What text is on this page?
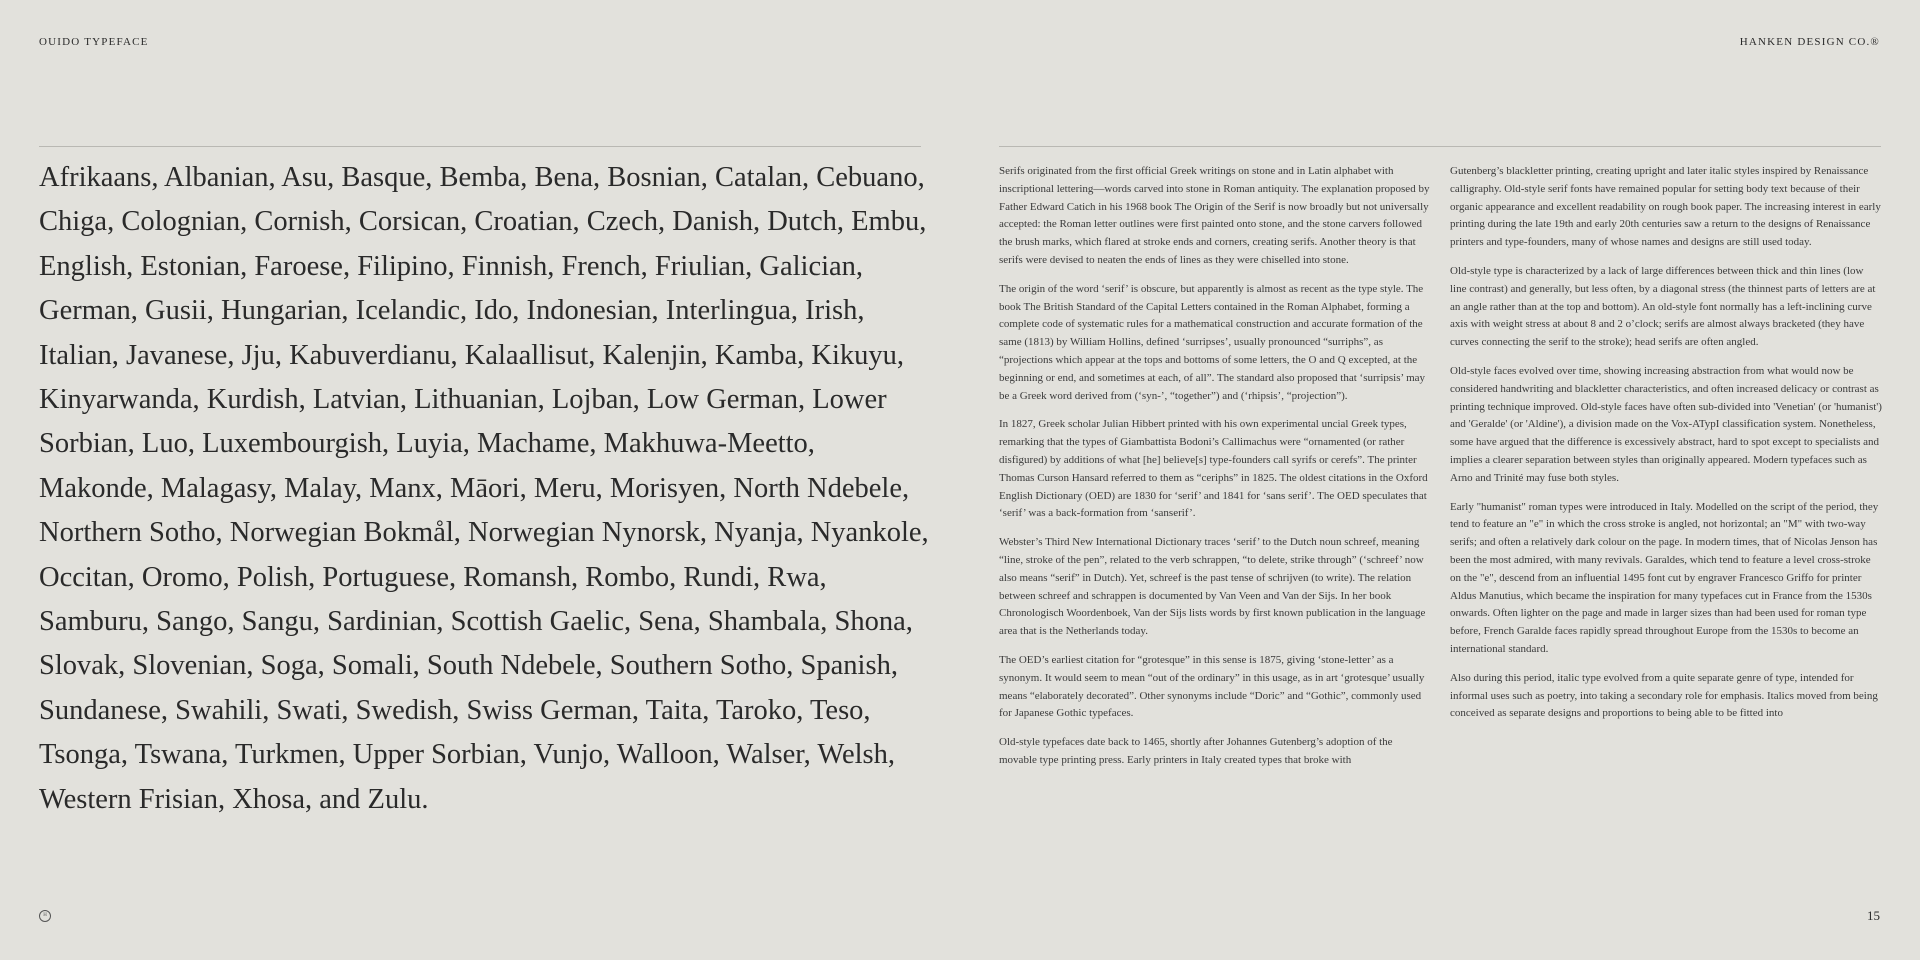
OUIDO TYPEFACE	HANKEN DESIGN CO.®

Afrikaans, Albanian, Asu, Basque, Bemba, Bena, Bosnian, Catalan, Cebuano, Chiga, Colognian, Cornish, Corsican, Croatian, Czech, Danish, Dutch, Embu, English, Estonian, Faroese, Filipino, Finnish, French, Friulian, Galician, German, Gusii, Hungarian, Icelandic, Ido, Indonesian, Interlingua, Irish, Italian, Javanese, Jju, Kabuverdianu, Kalaallisut, Kalenjin, Kamba, Kikuyu, Kinyarwanda, Kurdish, Latvian, Lithuanian, Lojban, Low German, Lower Sorbian, Luo, Luxembourgish, Luyia, Machame, Makhuwa-Meetto, Makonde, Malagasy, Malay, Manx, Māori, Meru, Morisyen, North Ndebele, Northern Sotho, Norwegian Bokmål, Norwegian Nynorsk, Nyanja, Nyankole, Occitan, Oromo, Polish, Portuguese, Romansh, Rombo, Rundi, Rwa, Samburu, Sango, Sangu, Sardinian, Scottish Gaelic, Sena, Shambala, Shona, Slovak, Slovenian, Soga, Somali, South Ndebele, Southern Sotho, Spanish, Sundanese, Swahili, Swati, Swedish, Swiss German, Taita, Taroko, Teso, Tsonga, Tswana, Turkmen, Upper Sorbian, Vunjo, Walloon, Walser, Welsh, Western Frisian, Xhosa, and Zulu.

Serifs originated from the first official Greek writings on stone and in Latin alphabet with inscriptional lettering—words carved into stone in Roman antiquity. The explanation proposed by Father Edward Catich in his 1968 book The Origin of the Serif is now broadly but not universally accepted: the Roman letter outlines were first painted onto stone, and the stone carvers followed the brush marks, which flared at stroke ends and corners, creating serifs. Another theory is that serifs were devised to neaten the ends of lines as they were chiselled into stone.

The origin of the word ‘serif’ is obscure, but apparently is almost as recent as the type style. The book The British Standard of the Capital Letters contained in the Roman Alphabet, forming a complete code of systematic rules for a mathematical construction and accurate formation of the same (1813) by William Hollins, defined ‘surripses’, usually pronounced “surriphs”, as “projections which appear at the tops and bottoms of some letters, the O and Q excepted, at the beginning or end, and sometimes at each, of all”. The standard also proposed that ‘surripsis’ may be a Greek word derived from (‘syn-’, “together”) and (‘rhipsis’, “projection”).

In 1827, Greek scholar Julian Hibbert printed with his own experimental uncial Greek types, remarking that the types of Giambattista Bodoni’s Callimachus were “ornamented (or rather disfigured) by additions of what [he] believe[s] type-founders call syrifs or cerefs”. The printer Thomas Curson Hansard referred to them as “ceriphs” in 1825. The oldest citations in the Oxford English Dictionary (OED) are 1830 for ‘serif’ and 1841 for ‘sans serif’. The OED speculates that ‘serif’ was a back-formation from ‘sanserif’.

Webster’s Third New International Dictionary traces ‘serif’ to the Dutch noun schreef, meaning “line, stroke of the pen”, related to the verb schrappen, “to delete, strike through” (‘schreef’ now also means “serif” in Dutch). Yet, schreef is the past tense of schrijven (to write). The relation between schreef and schrappen is documented by Van Veen and Van der Sijs. In her book Chronologisch Woordenboek, Van der Sijs lists words by first known publication in the language area that is the Netherlands today.

The OED’s earliest citation for “grotesque” in this sense is 1875, giving ‘stone-letter’ as a synonym. It would seem to mean “out of the ordinary” in this usage, as in art ‘grotesque’ usually means “elaborately decorated”. Other synonyms include “Doric” and “Gothic”, commonly used for Japanese Gothic typefaces.

Old-style typefaces date back to 1465, shortly after Johannes Gutenberg’s adoption of the movable type printing press. Early printers in Italy created types that broke with

Gutenberg’s blackletter printing, creating upright and later italic styles inspired by Renaissance calligraphy. Old-style serif fonts have remained popular for setting body text because of their organic appearance and excellent readability on rough book paper. The increasing interest in early printing during the late 19th and early 20th centuries saw a return to the designs of Renaissance printers and type-founders, many of whose names and designs are still used today.

Old-style type is characterized by a lack of large differences between thick and thin lines (low line contrast) and generally, but less often, by a diagonal stress (the thinnest parts of letters are at an angle rather than at the top and bottom). An old-style font normally has a left-inclining curve axis with weight stress at about 8 and 2 o’clock; serifs are almost always bracketed (they have curves connecting the serif to the stroke); head serifs are often angled.

Old-style faces evolved over time, showing increasing abstraction from what would now be considered handwriting and blackletter characteristics, and often increased delicacy or contrast as printing technique improved. Old-style faces have often sub-divided into 'Venetian' (or 'humanist') and 'Geralde' (or 'Aldine'), a division made on the Vox-ATypI classification system. Nonetheless, some have argued that the difference is excessively abstract, hard to spot except to specialists and implies a clearer separation between styles than originally appeared. Modern typefaces such as Arno and Trinité may fuse both styles.

Early "humanist" roman types were introduced in Italy. Modelled on the script of the period, they tend to feature an "e" in which the cross stroke is angled, not horizontal; an "M" with two-way serifs; and often a relatively dark colour on the page. In modern times, that of Nicolas Jenson has been the most admired, with many revivals. Garaldes, which tend to feature a level cross-stroke on the "e", descend from an influential 1495 font cut by engraver Francesco Griffo for printer Aldus Manutius, which became the inspiration for many typefaces cut in France from the 1530s onwards. Often lighter on the page and made in larger sizes than had been used for roman type before, French Garalde faces rapidly spread throughout Europe from the 1530s to become an international standard.

Also during this period, italic type evolved from a quite separate genre of type, intended for informal uses such as poetry, into taking a secondary role for emphasis. Italics moved from being conceived as separate designs and proportions to being able to be fitted into

H	15
